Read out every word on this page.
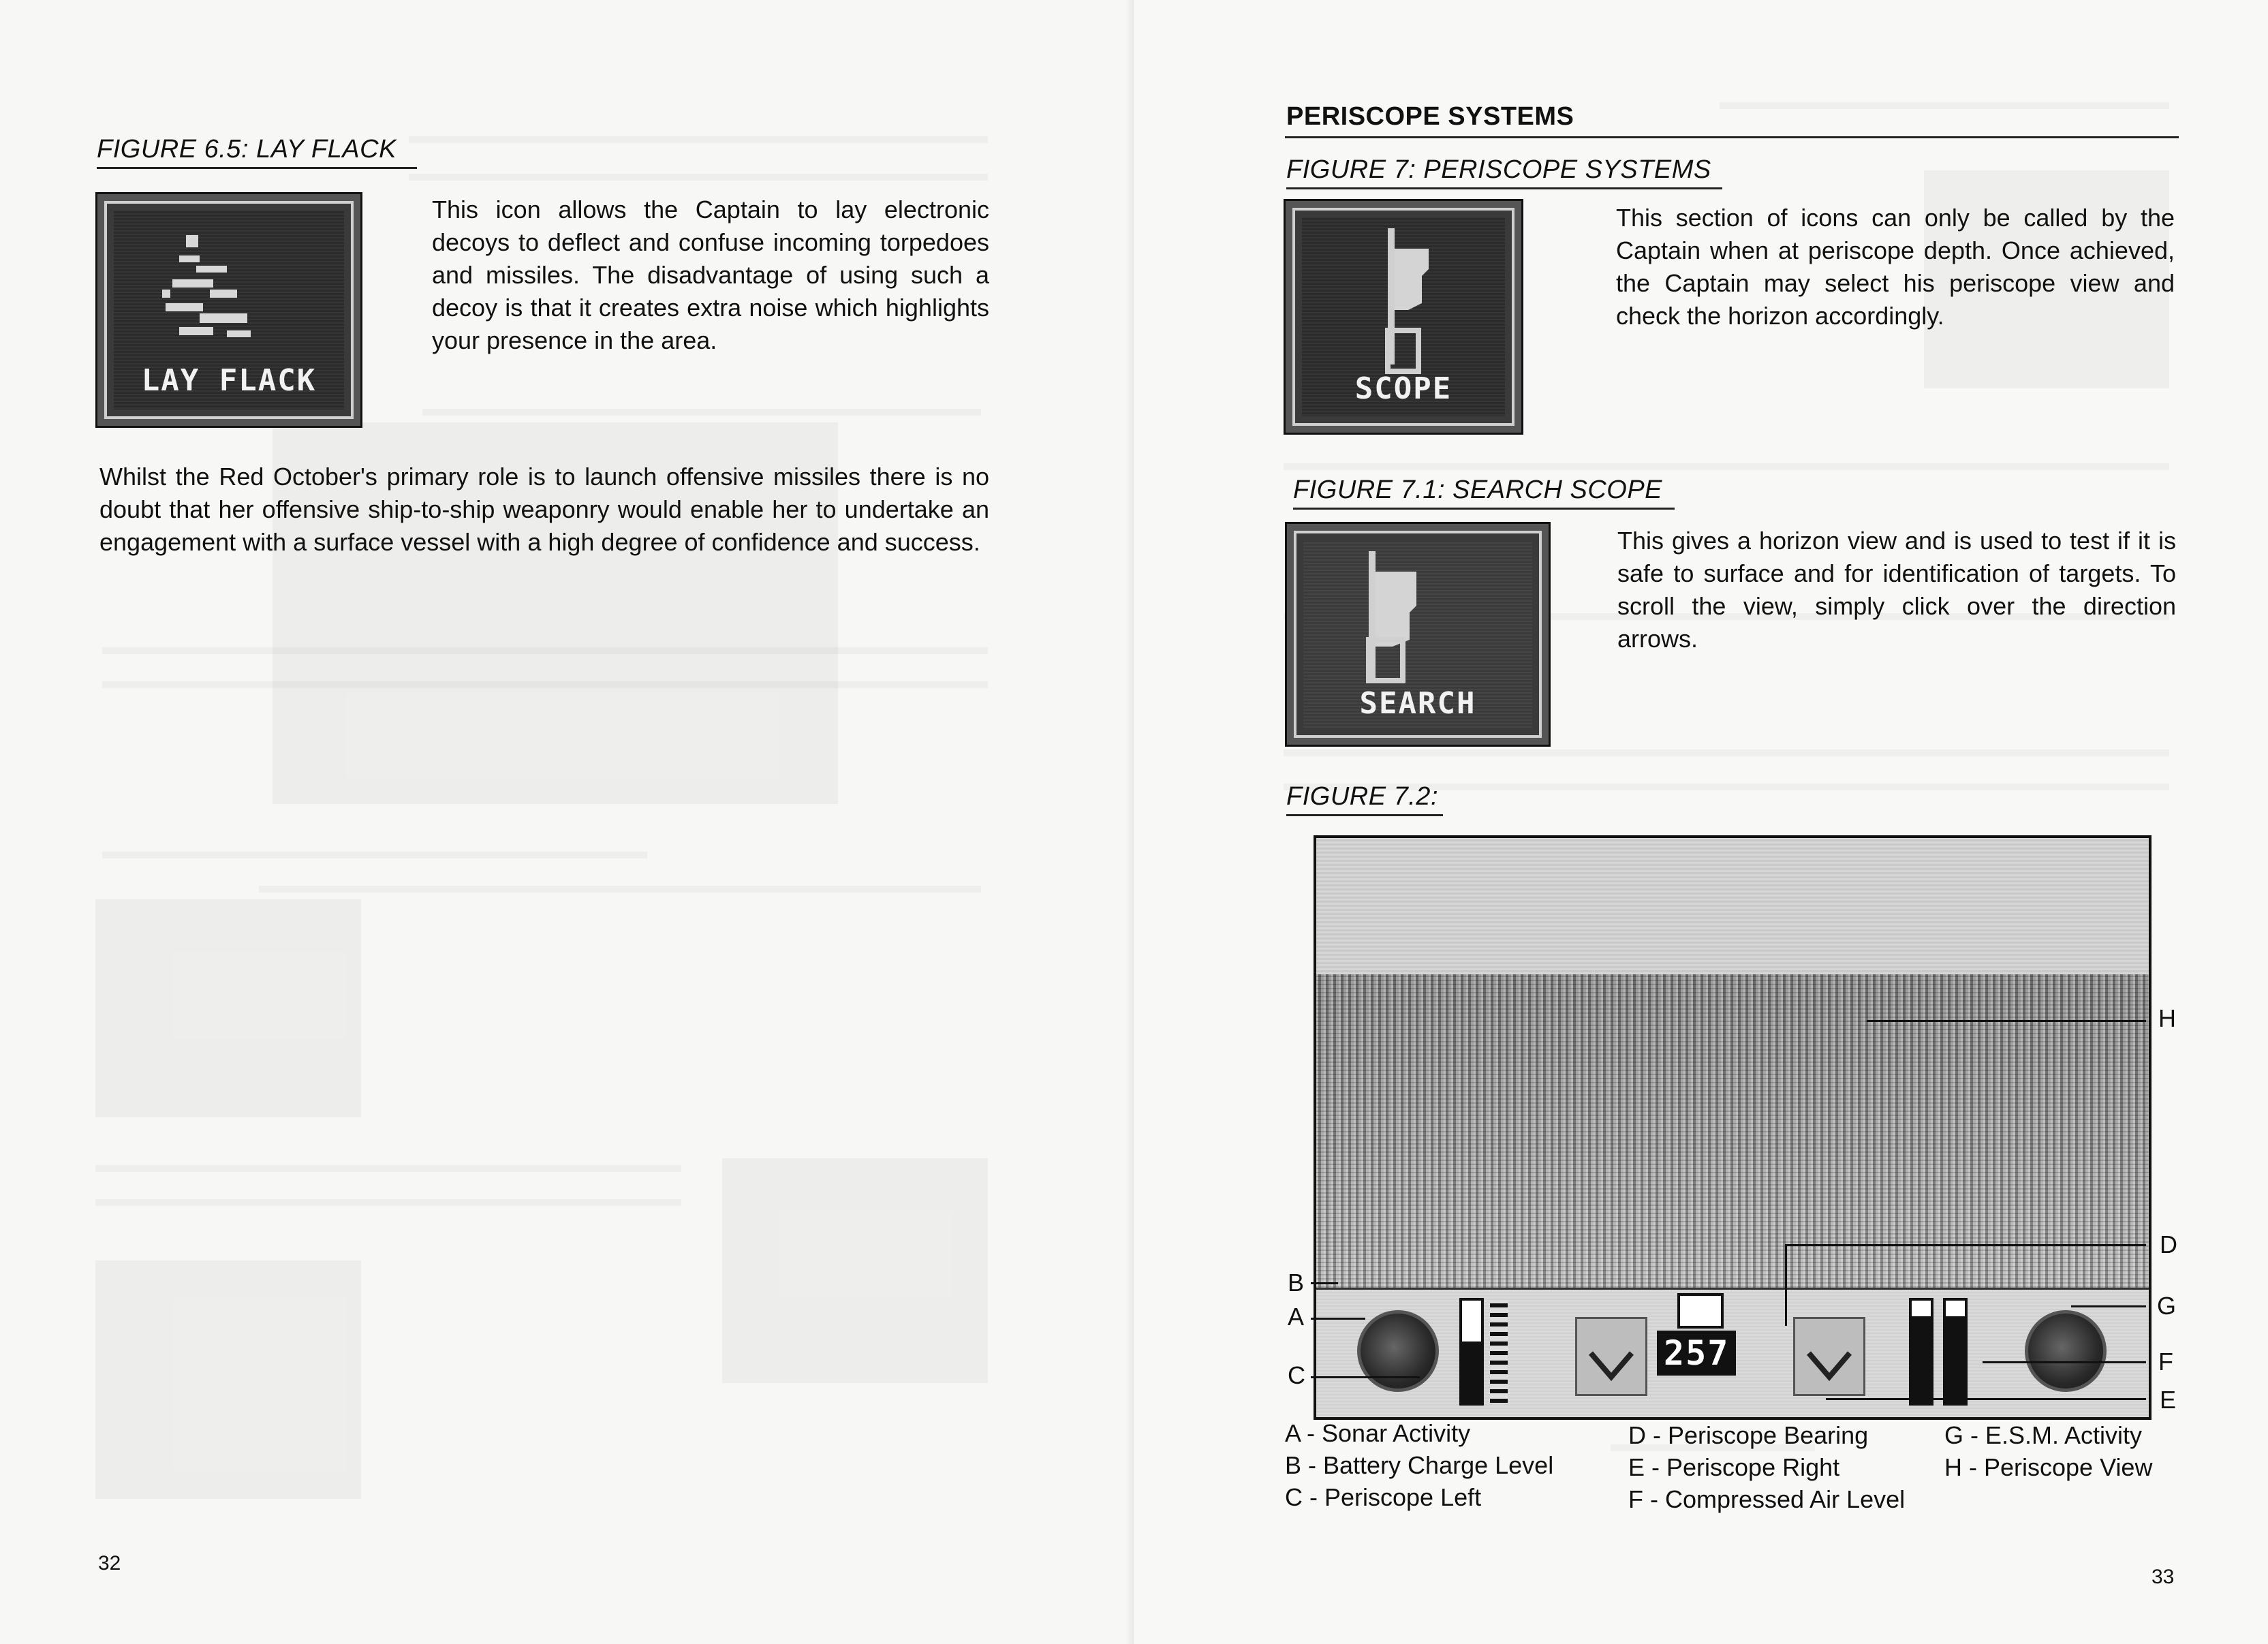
FIGURE 6.5: LAY FLACK
LAY FLACK
This icon allows the Captain to lay electronic decoys to deflect and confuse incoming torpedoes and missiles. The disadvantage of using such a decoy is that it creates extra noise which highlights your presence in the area.
Whilst the Red October's primary role is to launch offensive missiles there is no doubt that her offensive ship-to-ship weaponry would enable her to undertake an engagement with a surface vessel with a high degree of confidence and success.
32
PERISCOPE SYSTEMS
FIGURE 7: PERISCOPE SYSTEMS
SCOPE
This section of icons can only be called by the Captain when at periscope depth. Once achieved, the Captain may select his periscope view and check the horizon accordingly.
FIGURE 7.1: SEARCH SCOPE
SEARCH
This gives a horizon view and is used to test if it is safe to surface and for identification of targets. To scroll the view, simply click over the direction arrows.
FIGURE 7.2:
257
H
D
B
G
A
C	F
E
A - Sonar Activity
B - Battery Charge Level
C - Periscope Left
D - Periscope Bearing
E - Periscope Right
F - Compressed Air Level
G - E.S.M. Activity
H - Periscope View
33
